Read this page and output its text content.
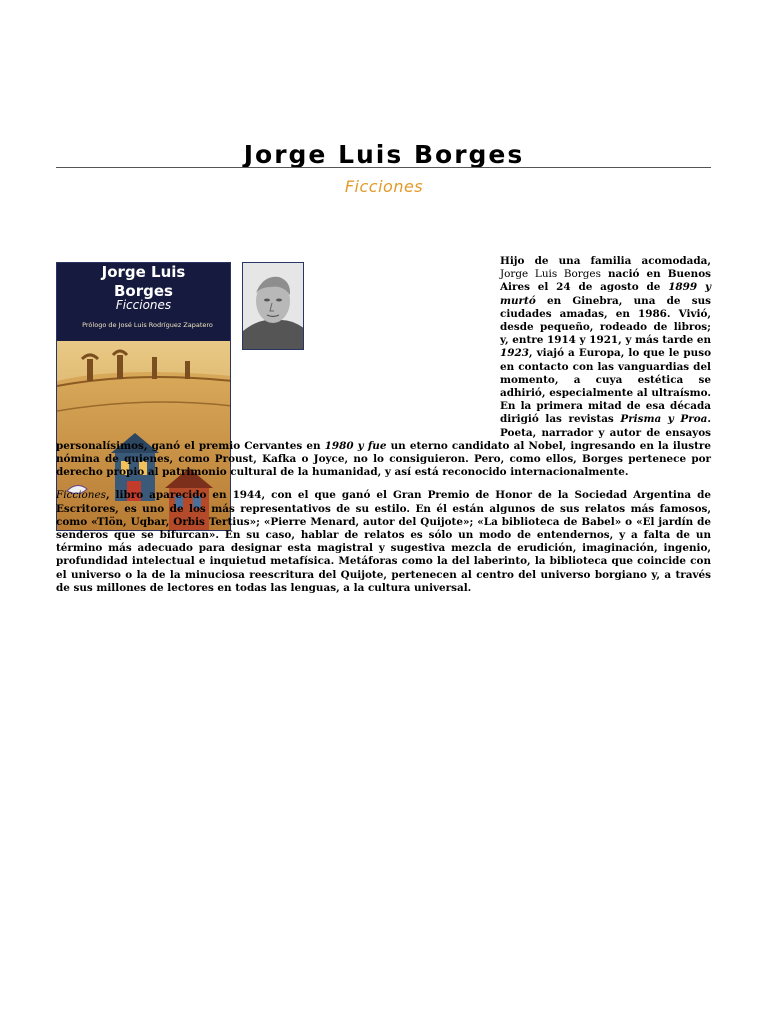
Jorge Luis Borges
Ficciones
Jorge Luis
Borges
Ficciones
Prólogo de José Luis Rodríguez Zapatero

Hijo de una familia acomodada, Jorge Luis Borges nació en Buenos Aires el 24 de agosto de 1899 y murtó en Ginebra, una de sus ciudades amadas, en 1986. Vivió, desde pequeño, rodeado de libros; y, entre 1914 y 1921, y más tarde en 1923, viajó a Europa, lo que le puso en contacto con las vanguardias del momento, a cuya estética se adhirió, especialmente al ultraísmo. En la primera mitad de esa década dirigió las revistas Prisma y Proa. Poeta, narrador y autor de ensayos personalísimos, ganó el premio Cervantes en 1980 y fue un eterno candidato al Nobel, ingresando en la ilustre nómina de quienes, como Proust, Kafka o Joyce, no lo consiguieron. Pero, como ellos, Borges pertenece por derecho propio al patrimonio cultural de la humanidad, y así está reconocido internacionalmente.

Ficciones, libro aparecido en 1944, con el que ganó el Gran Premio de Honor de la Sociedad Argentina de Escritores, es uno de los más representativos de su estilo. En él están algunos de sus relatos más famosos, como «Tlön, Uqbar, Orbis Tertius»; «Pierre Menard, autor del Quijote»; «La biblioteca de Babel» o «El jardín de senderos que se bifurcan». En su caso, hablar de relatos es sólo un modo de entendernos, y a falta de un término más adecuado para designar esta magistral y sugestiva mezcla de erudición, imaginación, ingenio, profundidad intelectual e inquietud metafísica. Metáforas como la del laberinto, la biblioteca que coincide con el universo o la de la minuciosa reescritura del Quijote, pertenecen al centro del universo borgiano y, a través de sus millones de lectores en todas las lenguas, a la cultura universal.
